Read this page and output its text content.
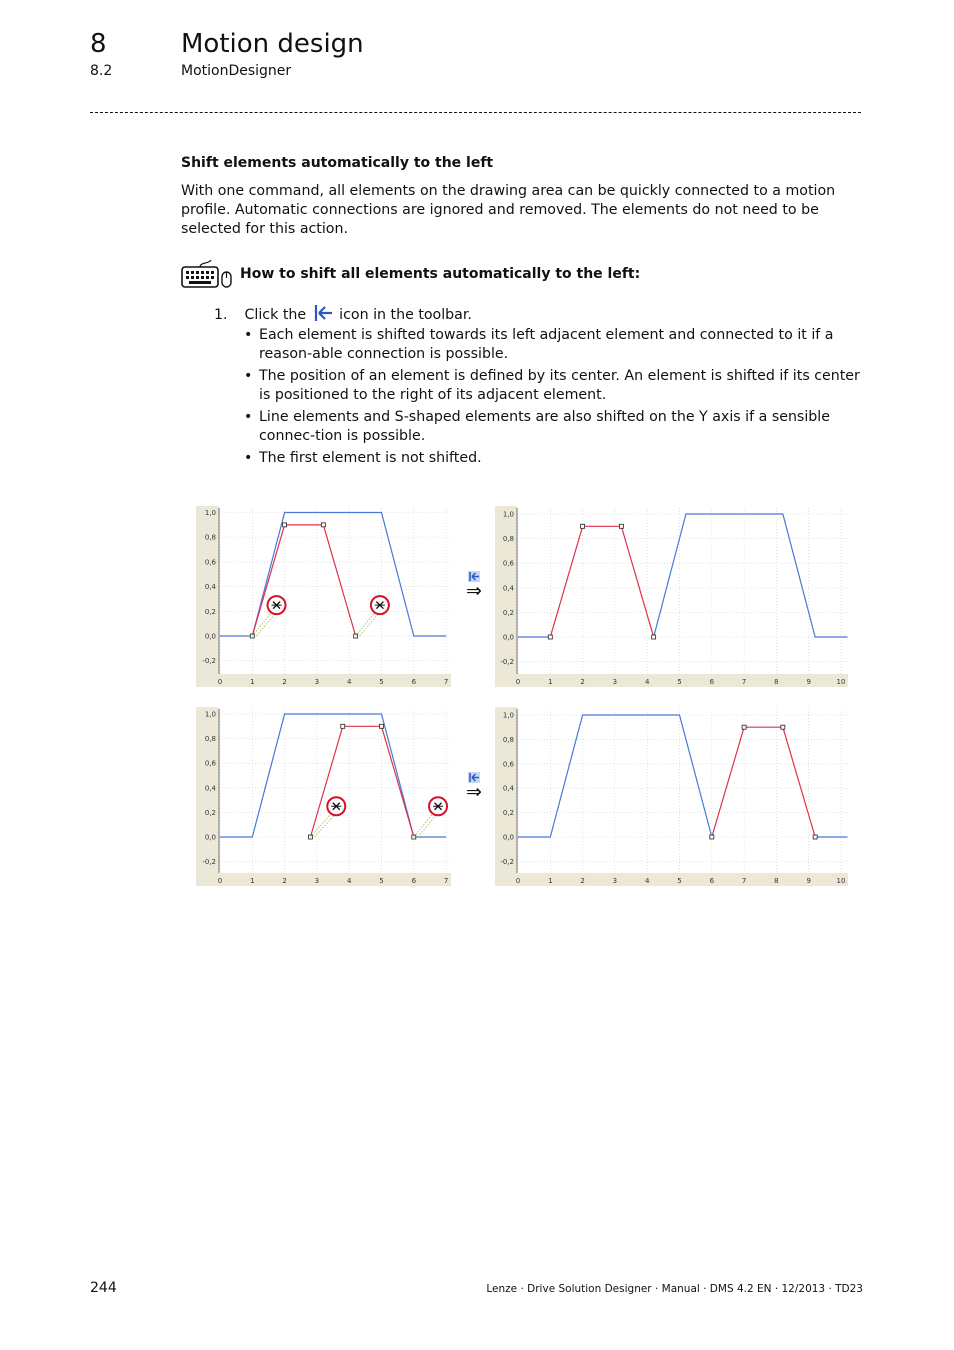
8	Motion design
8.2	MotionDesigner
Shift elements automatically to the left
With one command, all elements on the drawing area can be quickly connected to a motion profile. Automatic connections are ignored and removed. The elements do not need to be selected for this action.
How to shift all elements automatically to the left:
1. Click the icon in the toolbar.
• Each element is shifted towards its left adjacent element and connected to it if a reason-able connection is possible.
• The position of an element is defined by its center. An element is shifted if its center is positioned to the right of its adjacent element.
• Line elements and S-shaped elements are also shifted on the Y axis if a sensible connec-tion is possible.
• The first element is not shifted.
1,0
0,8
0,6
0,4
0,2
0,0
-0,2
0	1	2	3	4	5	6	7
1,0
0,8
0,6
0,4
0,2
0,0
-0,2
0	1	2	3	4	5	6	7	8	9	10
1,0
0,8
0,6
0,4
0,2
0,0
-0,2
0	1	2	3	4	5	6	7
1,0
0,8
0,6
0,4
0,2
0,0
-0,2
0	1	2	3	4	5	6	7	8	9	10
⇒
⇒
244	Lenze · Drive Solution Designer · Manual · DMS 4.2 EN · 12/2013 · TD23
